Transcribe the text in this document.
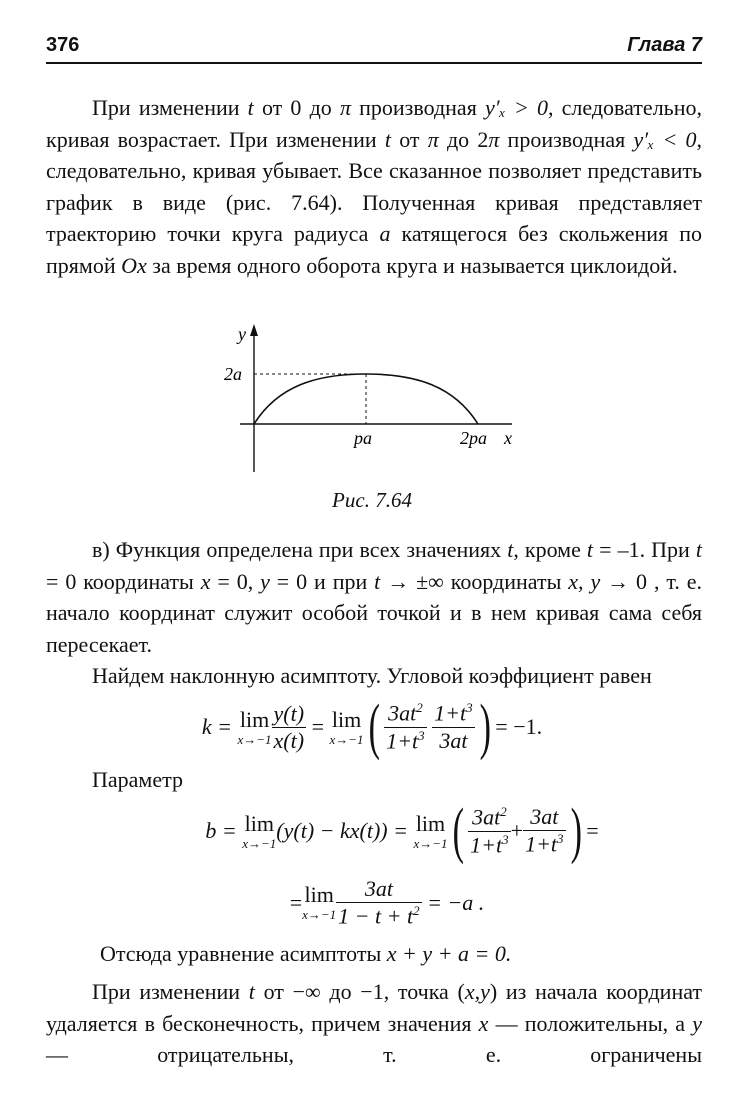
376	Глава 7

При изменении t от 0 до π производная y′ₓ > 0, следовательно, кривая возрастает. При изменении t от π до 2π производная y′ₓ < 0, следовательно, кривая убывает. Все сказанное позволяет представить график в виде (рис. 7.64). Полученная кривая представляет траекторию точки круга радиуса a катящегося без скольжения по прямой Ox за время одного оборота круга и называется циклоидой.

y
2a
pa	2pa x
Рис. 7.64

в) Функция определена при всех значениях t, кроме t = –1. При t = 0 координаты x = 0, y = 0 и при t → ±∞ координаты x, y → 0 , т. е. начало координат служит особой точкой и в нем кривая сама себя пересекает.

Найдем наклонную асимптоту. Угловой коэффициент равен

k =
lim
$x\to-1 \frac{y(t)}{x(t)}$
=
lim
x→−1 ( $\frac{3at^2}{1+t^3}$
$\frac{1+t^3}{3at}$ ) = −1.

Параметр

b =
lim
x→−1 (y(t) − kx(t)) =
lim
x→−1 ( $\frac{3at^2}{1+t^3} + \frac{3at}{1+t^3}$ ) =
= lim
$x\to-1 \frac{3at}{1 - t + t^2}$
= −a .

Отсюда уравнение асимптоты x + y + a = 0.

При изменении t от −∞ до −1, точка (x,y) из начала координат удаляется в бесконечность, причем значения x — положительны, а y — отрицательны, т. е. ограничены
